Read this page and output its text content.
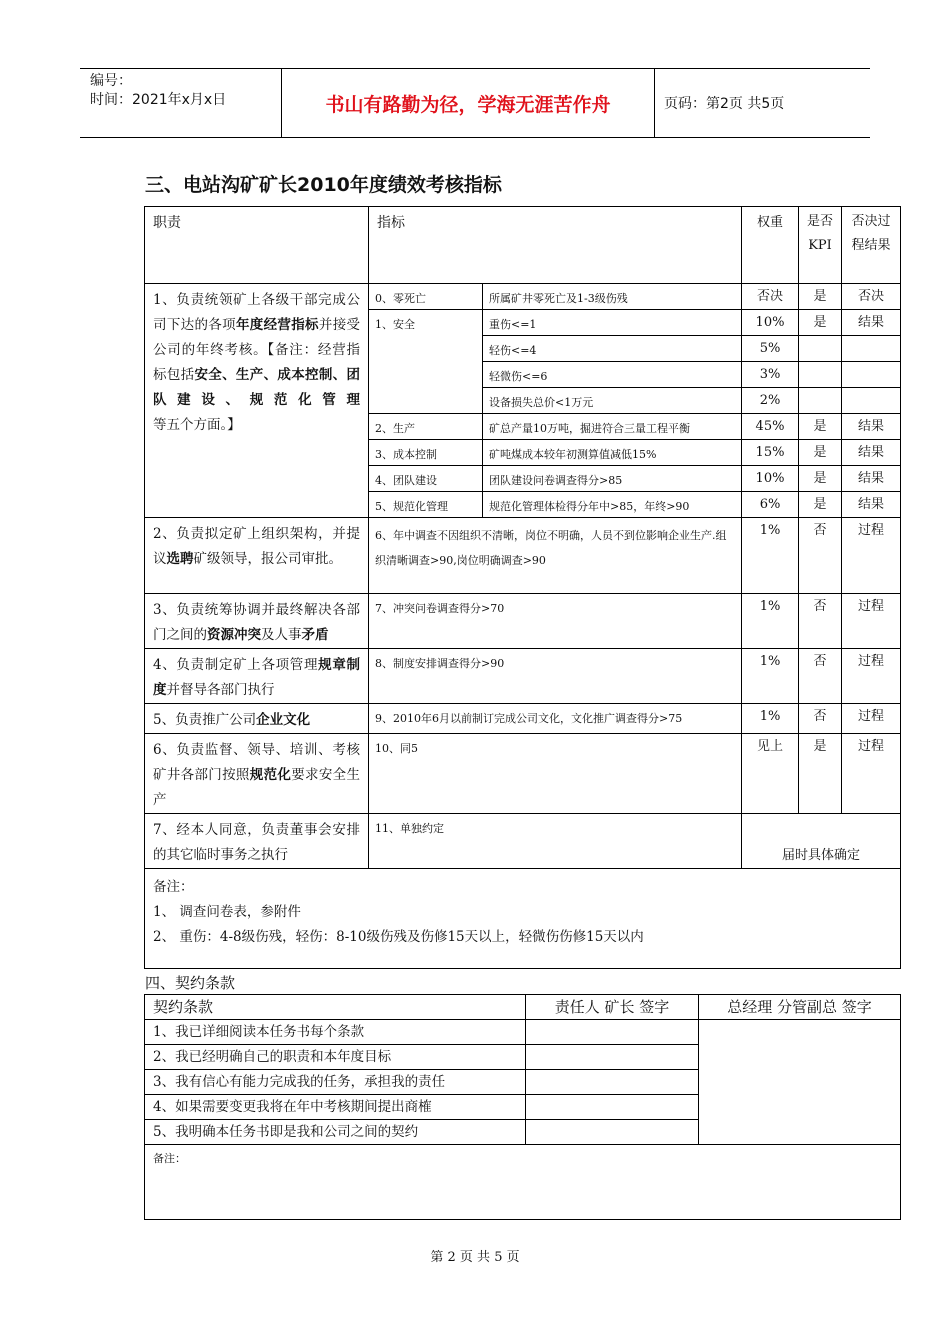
编号：
时间：2021年x月x日	书山有路勤为径，学海无涯苦作舟	页码：第2页 共5页
三、电站沟矿矿长2010年度绩效考核指标
职责	指标		权重	是否KPI	否决过程结果
1、负责统领矿上各级干部完成公司下达的各项年度经营指标并接受公司的年终考核。【备注：经营指标包括安全、生产、成本控制、团队建设、规范化管理等五个方面。】	0、零死亡	所属矿井零死亡及1-3级伤残	否决	是	否决
	1、安全	重伤<=1	10%	是	结果
		轻伤<=4	5%		
		轻微伤<=6	3%		
		设备损失总价<1万元	2%		
	2、生产	矿总产量10万吨，掘进符合三量工程平衡	45%	是	结果
	3、成本控制	矿吨煤成本较年初测算值减低15%	15%	是	结果
	4、团队建设	团队建设问卷调查得分>85	10%	是	结果
	5、规范化管理	规范化管理体检得分年中>85，年终>90	6%	是	结果
2、负责拟定矿上组织架构，并提议选聘矿级领导，报公司审批。	6、年中调查不因组织不清晰，岗位不明确，人员不到位影响企业生产.组织清晰调查>90,岗位明确调查>90		1%	否	过程
3、负责统筹协调并最终解决各部门之间的资源冲突及人事矛盾	7、冲突问卷调查得分>70		1%	否	过程
4、负责制定矿上各项管理规章制度并督导各部门执行	8、制度安排调查得分>90		1%	否	过程
5、负责推广公司企业文化	9、2010年6月以前制订完成公司文化，文化推广调查得分>75		1%	否	过程
6、负责监督、领导、培训、考核矿井各部门按照规范化要求安全生产	10、同5		见上	是	过程
7、经本人同意，负责董事会安排的其它临时事务之执行	11、单独约定		届时具体确定		

备注：
1、 调查问卷表，参附件
2、 重伤：4-8级伤残，轻伤：8-10级伤残及伤修15天以上，轻微伤伤修15天以内					
四、契约条款
契约条款	责任人 矿长 签字	总经理 分管副总 签字
1、我已详细阅读本任务书每个条款		
2、我已经明确自己的职责和本年度目标		
3、我有信心有能力完成我的任务，承担我的责任		
4、如果需要变更我将在年中考核期间提出商榷		
5、我明确本任务书即是我和公司之间的契约		
备注：		
第 2 页 共 5 页
